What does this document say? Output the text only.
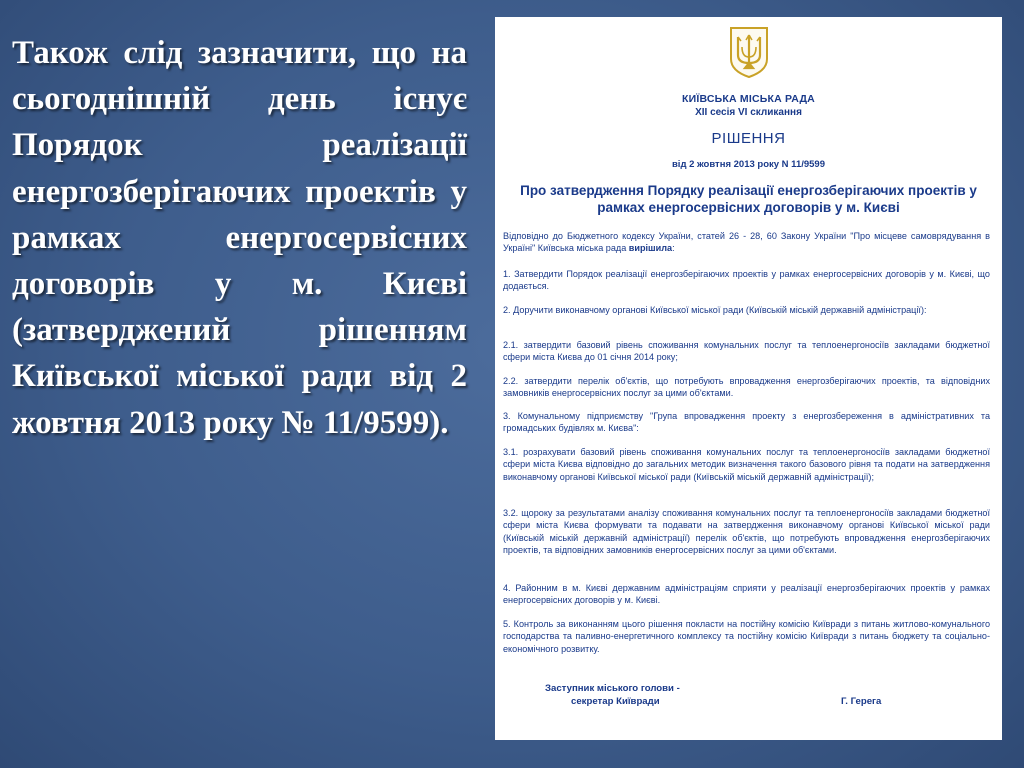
Також слід зазначити, що на сьогоднішній день існує Порядок реалізації енергозберігаючих проектів у рамках енергосервісних договорів у м. Києві (затверджений рішенням Київської міської ради від 2 жовтня 2013 року № 11/9599).

КИЇВСЬКА МІСЬКА РАДА
XII сесія VI скликання
РІШЕННЯ
від 2 жовтня 2013 року N 11/9599
Про затвердження Порядку реалізації енергозберігаючих проектів у рамках енергосервісних договорів у м. Києві

Відповідно до Бюджетного кодексу України, статей 26 - 28, 60 Закону України "Про місцеве самоврядування в Україні" Київська міська рада вирішила:

1. Затвердити Порядок реалізації енергозберігаючих проектів у рамках енергосервісних договорів у м. Києві, що додається.

2. Доручити виконавчому органові Київської міської ради (Київській міській державній адміністрації):

2.1. затвердити базовий рівень споживання комунальних послуг та теплоенергоносіїв закладами бюджетної сфери міста Києва до 01 січня 2014 року;

2.2. затвердити перелік об'єктів, що потребують впровадження енергозберігаючих проектів, та відповідних замовників енергосервісних послуг за цими об'єктами.

3. Комунальному підприємству "Група впровадження проекту з енергозбереження в адміністративних та громадських будівлях м. Києва":

3.1. розрахувати базовий рівень споживання комунальних послуг та теплоенергоносіїв закладами бюджетної сфери міста Києва відповідно до загальних методик визначення такого базового рівня та подати на затвердження виконавчому органові Київської міської ради (Київській міській державній адміністрації);

3.2. щороку за результатами аналізу споживання комунальних послуг та теплоенергоносіїв закладами бюджетної сфери міста Києва формувати та подавати на затвердження виконавчому органові Київської міської ради (Київській міській державній адміністрації) перелік об'єктів, що потребують впровадження енергозберігаючих проектів, та відповідних замовників енергосервісних послуг за цими об'єктами.

4. Районним в м. Києві державним адміністраціям сприяти у реалізації енергозберігаючих проектів у рамках енергосервісних договорів у м. Києві.

5. Контроль за виконанням цього рішення покласти на постійну комісію Київради з питань житлово-комунального господарства та паливно-енергетичного комплексу та постійну комісію Київради з питань бюджету та соціально-економічного розвитку.

Заступник міського голови -
секретар Київради	Г. Герега
